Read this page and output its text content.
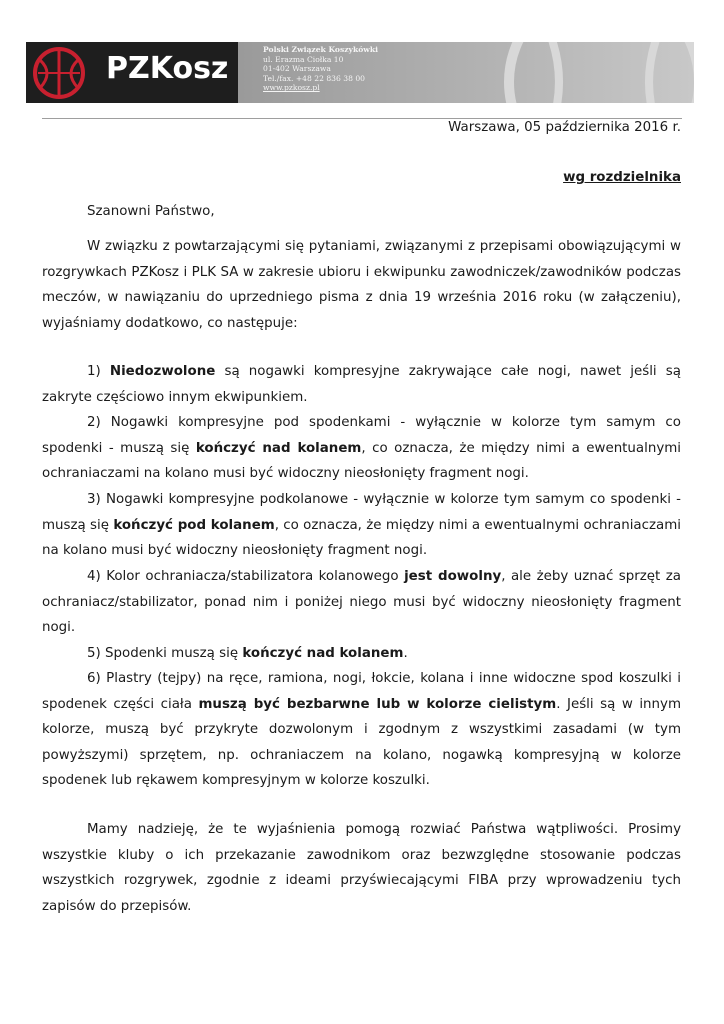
PZKosz
Polski Związek Koszykówki
ul. Erazma Ciołka 10
01-402 Warszawa
Tel./fax. +48 22 836 38 00
www.pzkosz.pl
Warszawa, 05 października 2016 r.
wg rozdzielnika
Szanowni Państwo,

W związku z powtarzającymi się pytaniami, związanymi z przepisami obowiązującymi w rozgrywkach PZKosz i PLK SA w zakresie ubioru i ekwipunku zawodniczek/zawodników podczas meczów, w nawiązaniu do uprzedniego pisma z dnia 19 września 2016 roku (w załączeniu), wyjaśniamy dodatkowo, co następuje:

1) Niedozwolone są nogawki kompresyjne zakrywające całe nogi, nawet jeśli są zakryte częściowo innym ekwipunkiem.

2) Nogawki kompresyjne pod spodenkami - wyłącznie w kolorze tym samym co spodenki - muszą się kończyć nad kolanem, co oznacza, że między nimi a ewentualnymi ochraniaczami na kolano musi być widoczny nieosłonięty fragment nogi.

3) Nogawki kompresyjne podkolanowe - wyłącznie w kolorze tym samym co spodenki - muszą się kończyć pod kolanem, co oznacza, że między nimi a ewentualnymi ochraniaczami na kolano musi być widoczny nieosłonięty fragment nogi.

4) Kolor ochraniacza/stabilizatora kolanowego jest dowolny, ale żeby uznać sprzęt za ochraniacz/stabilizator, ponad nim i poniżej niego musi być widoczny nieosłonięty fragment nogi.

5) Spodenki muszą się kończyć nad kolanem.

6) Plastry (tejpy) na ręce, ramiona, nogi, łokcie, kolana i inne widoczne spod koszulki i spodenek części ciała muszą być bezbarwne lub w kolorze cielistym. Jeśli są w innym kolorze, muszą być przykryte dozwolonym i zgodnym z wszystkimi zasadami (w tym powyższymi) sprzętem, np. ochraniaczem na kolano, nogawką kompresyjną w kolorze spodenek lub rękawem kompresyjnym w kolorze koszulki.

Mamy nadzieję, że te wyjaśnienia pomogą rozwiać Państwa wątpliwości. Prosimy wszystkie kluby o ich przekazanie zawodnikom oraz bezwzględne stosowanie podczas wszystkich rozgrywek, zgodnie z ideami przyświecającymi FIBA przy wprowadzeniu tych zapisów do przepisów.
